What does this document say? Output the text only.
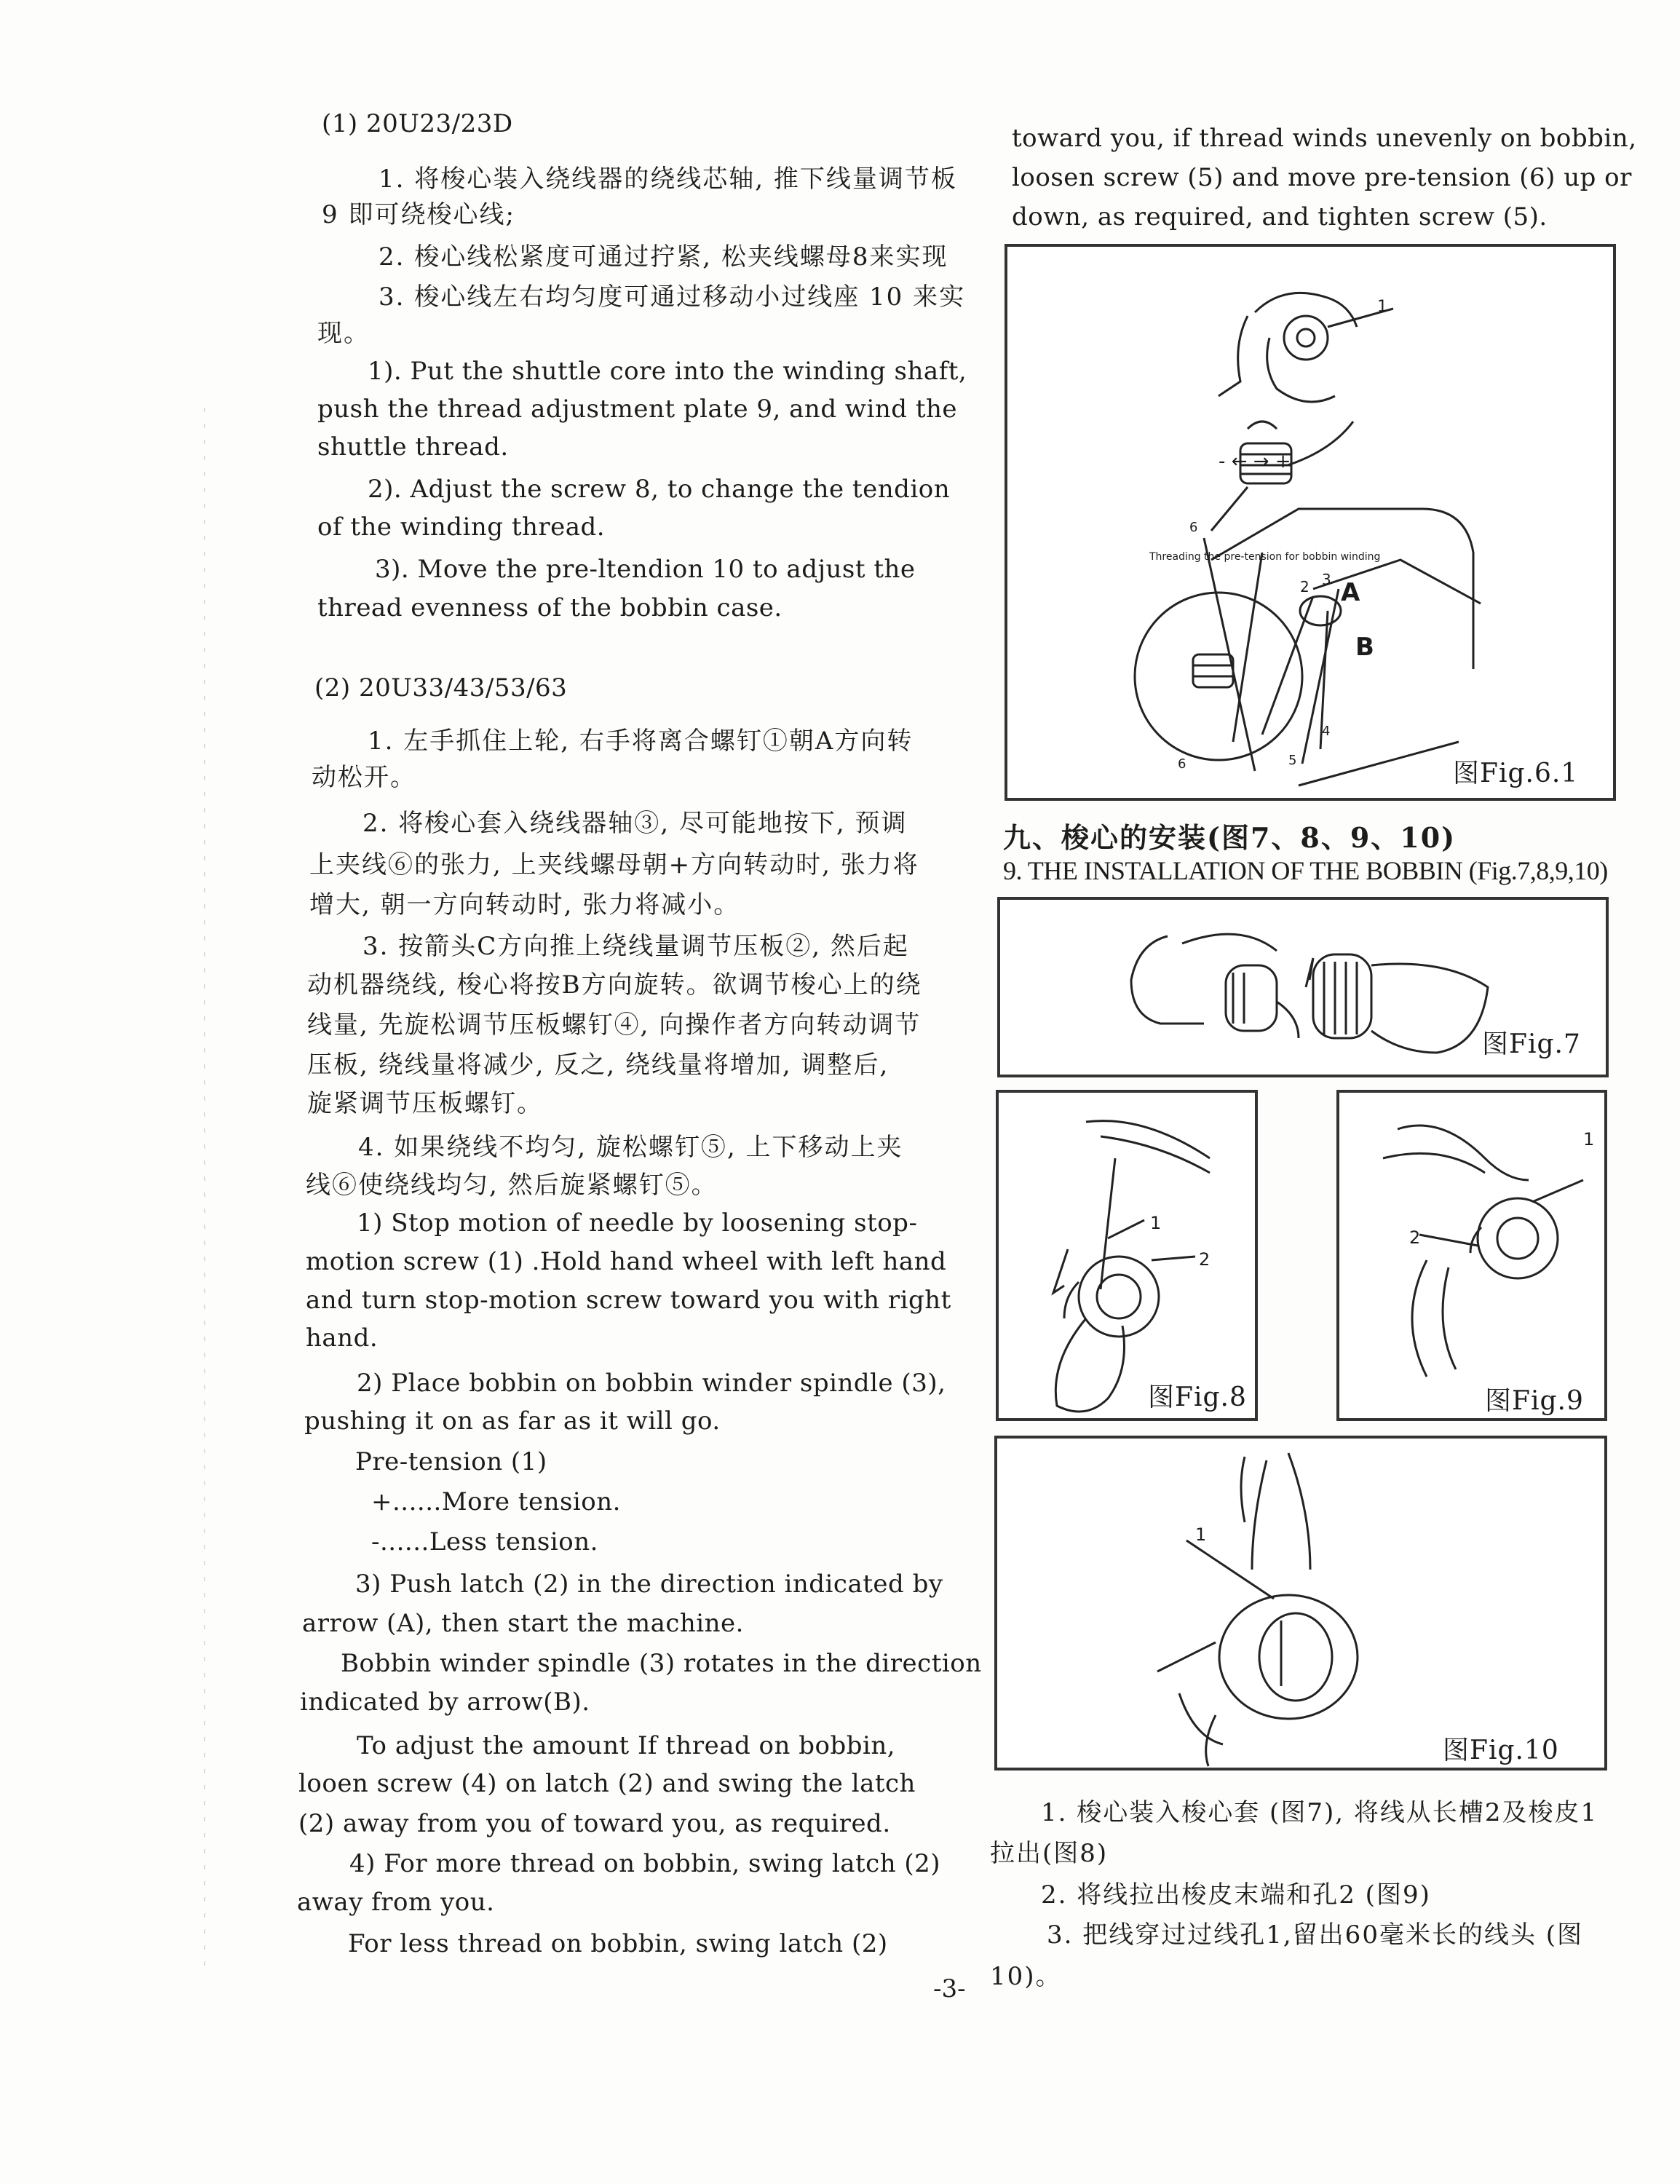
(1) 20U23/23D
1. 将梭心装入绕线器的绕线芯轴, 推下线量调节板
9 即可绕梭心线;
2. 梭心线松紧度可通过拧紧, 松夹线螺母8来实现
3. 梭心线左右均匀度可通过移动小过线座 10 来实
现。
1). Put the shuttle core into the winding shaft,
push the thread adjustment plate 9, and wind the
shuttle thread.
2). Adjust the screw 8, to change the tendion
of the winding thread.
3). Move the pre-ltendion 10 to adjust the
thread evenness of the bobbin case.
(2) 20U33/43/53/63
1. 左手抓住上轮, 右手将离合螺钉①朝A方向转
动松开。
2. 将梭心套入绕线器轴③, 尽可能地按下, 预调
上夹线⑥的张力, 上夹线螺母朝+方向转动时, 张力将
增大, 朝一方向转动时, 张力将减小。
3. 按箭头C方向推上绕线量调节压板②, 然后起
动机器绕线, 梭心将按B方向旋转。欲调节梭心上的绕
线量, 先旋松调节压板螺钉④, 向操作者方向转动调节
压板, 绕线量将减少, 反之, 绕线量将增加, 调整后,
旋紧调节压板螺钉。
4. 如果绕线不均匀, 旋松螺钉⑤, 上下移动上夹
线⑥使绕线均匀, 然后旋紧螺钉⑤。
1) Stop motion of needle by loosening stop-
motion screw (1) .Hold hand wheel with left hand
and turn stop-motion screw toward you with right
hand.
2) Place bobbin on bobbin winder spindle (3),
pushing it on as far as it will go.
Pre-tension (1)
+......More tension.
-......Less tension.
3) Push latch (2) in the direction indicated by
arrow (A), then start the machine.
Bobbin winder spindle (3) rotates in the direction
indicated by arrow(B).
To adjust the amount If thread on bobbin,
looen screw (4) on latch (2) and swing the latch
(2) away from you of toward you, as required.
4) For more thread on bobbin, swing latch (2)
away from you.
For less thread on bobbin, swing latch (2)
toward you, if thread winds unevenly on bobbin,
loosen screw (5) and move pre-tension (6) up or
down, as required, and tighten screw (5).
1
- ← → +
6
Threading the pre-tension for bobbin winding
2 3 A
B
4
5
6	图Fig.6.1
九、梭心的安装(图7、8、9、10)
9. THE INSTALLATION OF THE BOBBIN (Fig.7,8,9,10)
图Fig.7
1
2
图Fig.8
1
2
图Fig.9
1
图Fig.10
1. 梭心装入梭心套 (图7), 将线从长槽2及梭皮1
拉出(图8)
2. 将线拉出梭皮末端和孔2 (图9)
3. 把线穿过过线孔1,留出60毫米长的线头 (图
10)。
-3-
